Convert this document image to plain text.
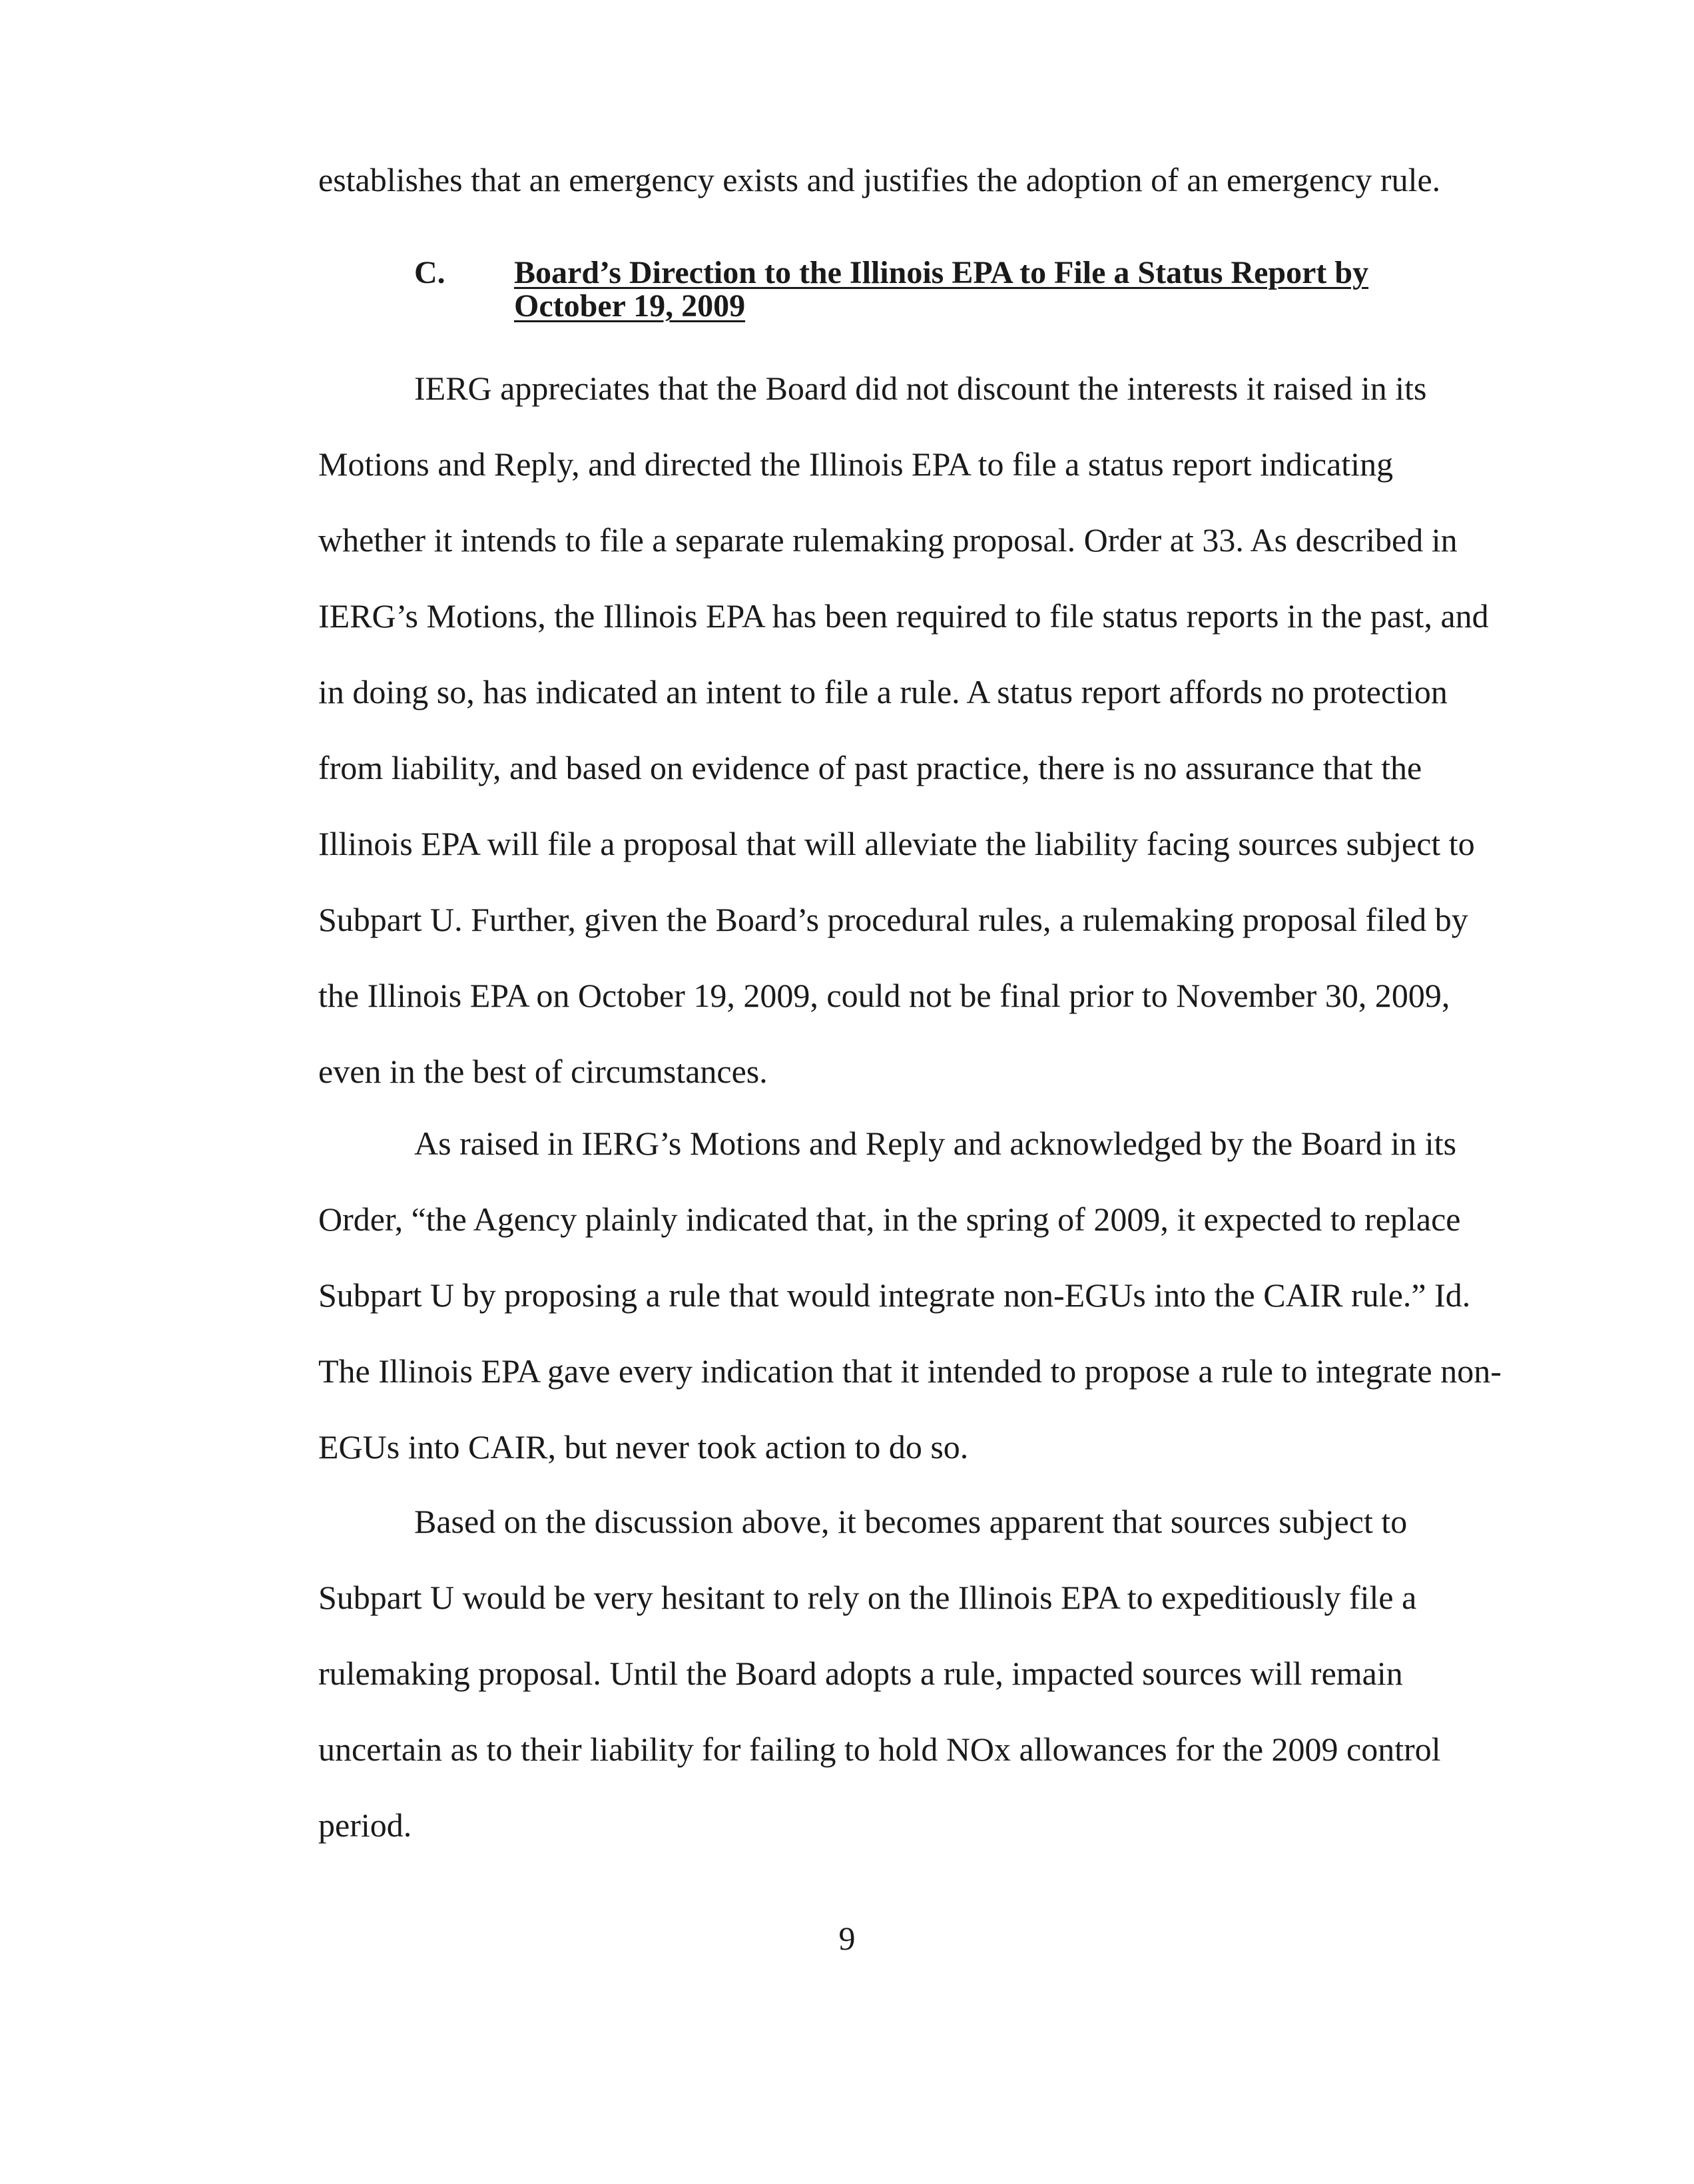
establishes that an emergency exists and justifies the adoption of an emergency rule.
C. Board’s Direction to the Illinois EPA to File a Status Report by October 19, 2009

IERG appreciates that the Board did not discount the interests it raised in its Motions and Reply, and directed the Illinois EPA to file a status report indicating whether it intends to file a separate rulemaking proposal. Order at 33. As described in IERG’s Motions, the Illinois EPA has been required to file status reports in the past, and in doing so, has indicated an intent to file a rule. A status report affords no protection from liability, and based on evidence of past practice, there is no assurance that the Illinois EPA will file a proposal that will alleviate the liability facing sources subject to Subpart U. Further, given the Board’s procedural rules, a rulemaking proposal filed by the Illinois EPA on October 19, 2009, could not be final prior to November 30, 2009, even in the best of circumstances.

As raised in IERG’s Motions and Reply and acknowledged by the Board in its Order, “the Agency plainly indicated that, in the spring of 2009, it expected to replace Subpart U by proposing a rule that would integrate non-EGUs into the CAIR rule.” Id. The Illinois EPA gave every indication that it intended to propose a rule to integrate non-EGUs into CAIR, but never took action to do so.

Based on the discussion above, it becomes apparent that sources subject to Subpart U would be very hesitant to rely on the Illinois EPA to expeditiously file a rulemaking proposal. Until the Board adopts a rule, impacted sources will remain uncertain as to their liability for failing to hold NOx allowances for the 2009 control period.

9
